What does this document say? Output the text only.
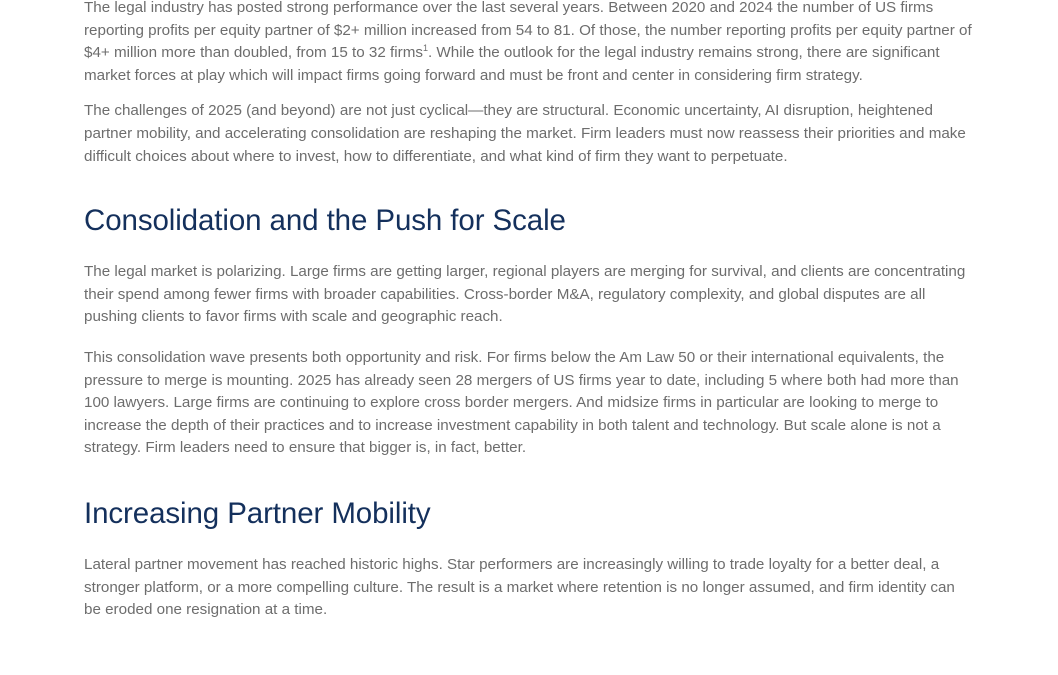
The legal industry has posted strong performance over the last several years. Between 2020 and 2024 the number of US firms reporting profits per equity partner of $2+ million increased from 54 to 81. Of those, the number reporting profits per equity partner of $4+ million more than doubled, from 15 to 32 firms$^1$. While the outlook for the legal industry remains strong, there are significant market forces at play which will impact firms going forward and must be front and center in considering firm strategy.

The challenges of 2025 (and beyond) are not just cyclical—they are structural. Economic uncertainty, AI disruption, heightened partner mobility, and accelerating consolidation are reshaping the market. Firm leaders must now reassess their priorities and make difficult choices about where to invest, how to differentiate, and what kind of firm they want to perpetuate.

Consolidation and the Push for Scale

The legal market is polarizing. Large firms are getting larger, regional players are merging for survival, and clients are concentrating their spend among fewer firms with broader capabilities. Cross-border M&A, regulatory complexity, and global disputes are all pushing clients to favor firms with scale and geographic reach.

This consolidation wave presents both opportunity and risk. For firms below the Am Law 50 or their international equivalents, the pressure to merge is mounting. 2025 has already seen 28 mergers of US firms year to date, including 5 where both had more than 100 lawyers. Large firms are continuing to explore cross border mergers. And midsize firms in particular are looking to merge to increase the depth of their practices and to increase investment capability in both talent and technology. But scale alone is not a strategy. Firm leaders need to ensure that bigger is, in fact, better.

Increasing Partner Mobility

Lateral partner movement has reached historic highs. Star performers are increasingly willing to trade loyalty for a better deal, a stronger platform, or a more compelling culture. The result is a market where retention is no longer assumed, and firm identity can be eroded one resignation at a time.
